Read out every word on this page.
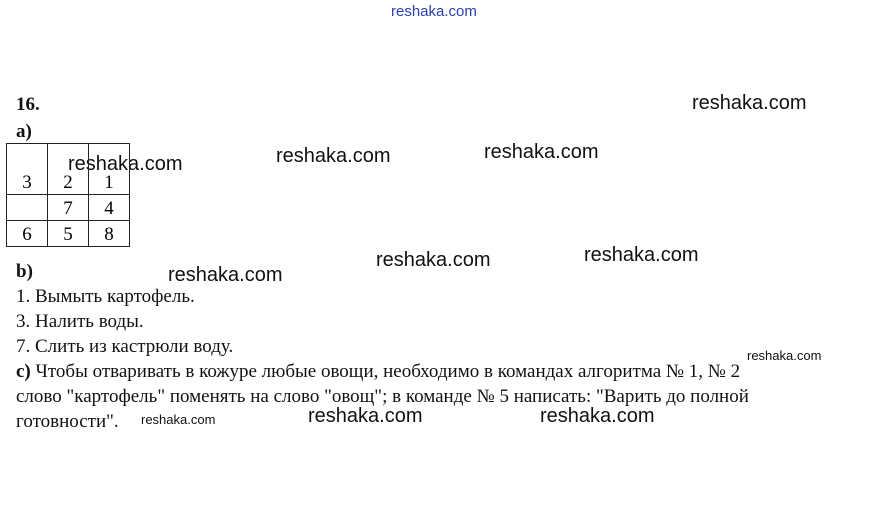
reshaka.com
reshaka.com
reshaka.com	reshaka.com	reshaka.com
reshaka.com
reshaka.com	reshaka.com
reshaka.com
reshaka.com	reshaka.com	reshaka.com
16.
a)
3	2	1
	7	4
6	5	8
b)
1. Вымыть картофель.
3. Налить воды.
7. Слить из кастрюли воду.
c) Чтобы отваривать в кожуре любые овощи, необходимо в командах алгоритма № 1, № 2
слово "картофель" поменять на слово "овощ"; в команде № 5 написать: "Варить до полной
готовности".
